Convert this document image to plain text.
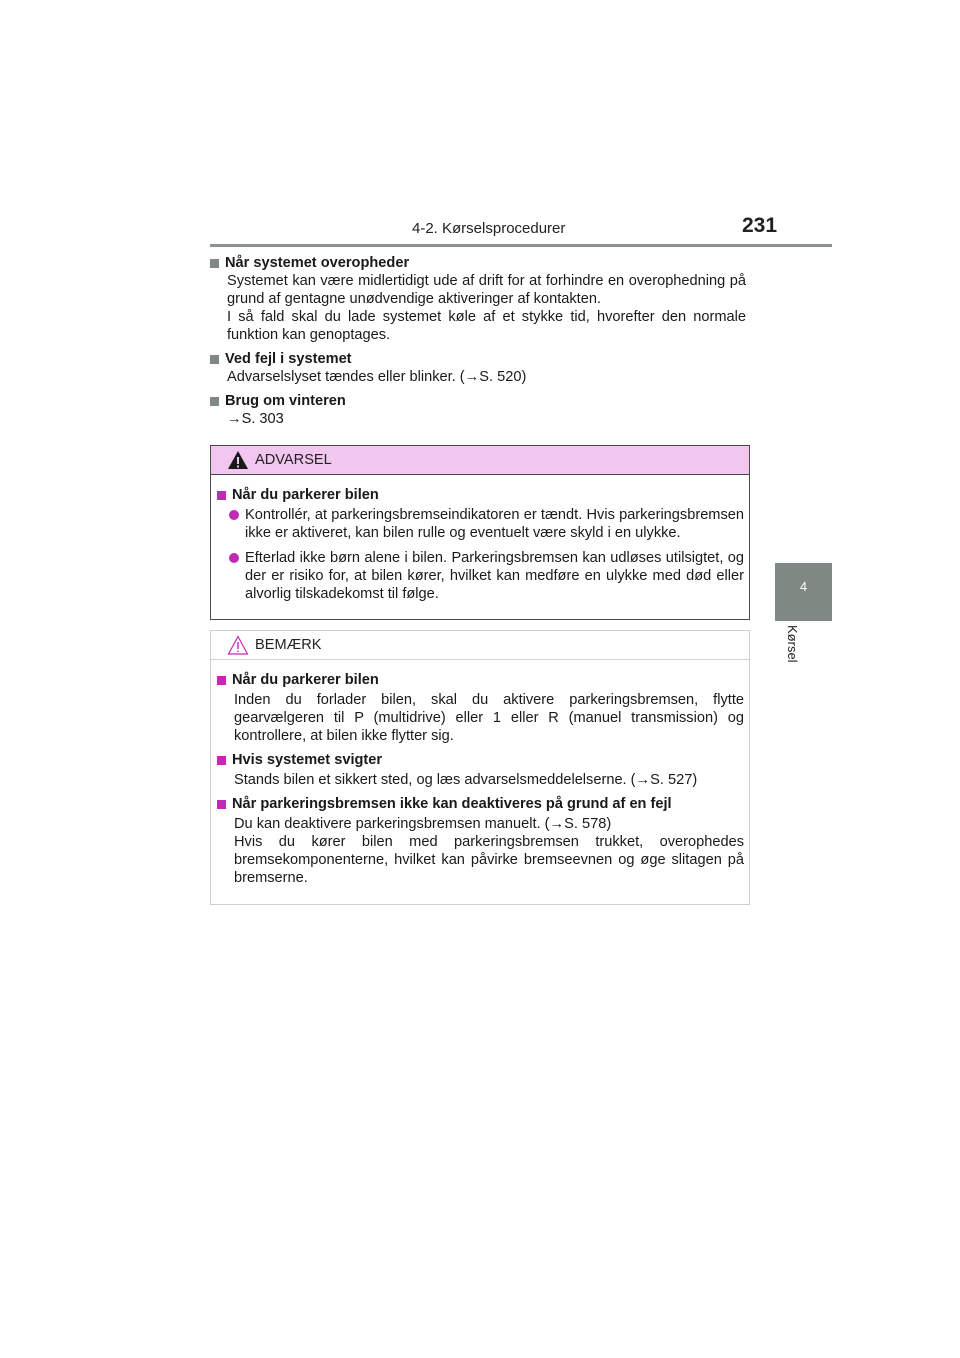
4-2. Kørselsprocedurer	231
4
Kørsel
Når systemet overopheder

Systemet kan være midlertidigt ude af drift for at forhindre en overophedning på grund af gentagne unødvendige aktiveringer af kontakten.

I så fald skal du lade systemet køle af et stykke tid, hvorefter den normale funktion kan genoptages.

Ved fejl i systemet

Advarselslyset tændes eller blinker. (→S. 520)

Brug om vinteren

→S. 303

ADVARSEL
Når du parkerer bilen
Kontrollér, at parkeringsbremseindikatoren er tændt. Hvis parkeringsbremsen ikke er aktiveret, kan bilen rulle og eventuelt være skyld i en ulykke.
Efterlad ikke børn alene i bilen. Parkeringsbremsen kan udløses utilsigtet, og der er risiko for, at bilen kører, hvilket kan medføre en ulykke med død eller alvorlig tilskadekomst til følge.
BEMÆRK
Når du parkerer bilen

Inden du forlader bilen, skal du aktivere parkeringsbremsen, flytte gearvælgeren til P (multidrive) eller 1 eller R (manuel transmission) og kontrollere, at bilen ikke flytter sig.

Hvis systemet svigter

Stands bilen et sikkert sted, og læs advarselsmeddelelserne. (→S. 527)

Når parkeringsbremsen ikke kan deaktiveres på grund af en fejl

Du kan deaktivere parkeringsbremsen manuelt. (→S. 578)

Hvis du kører bilen med parkeringsbremsen trukket, overophedes bremsekomponenterne, hvilket kan påvirke bremseevnen og øge slitagen på bremserne.
